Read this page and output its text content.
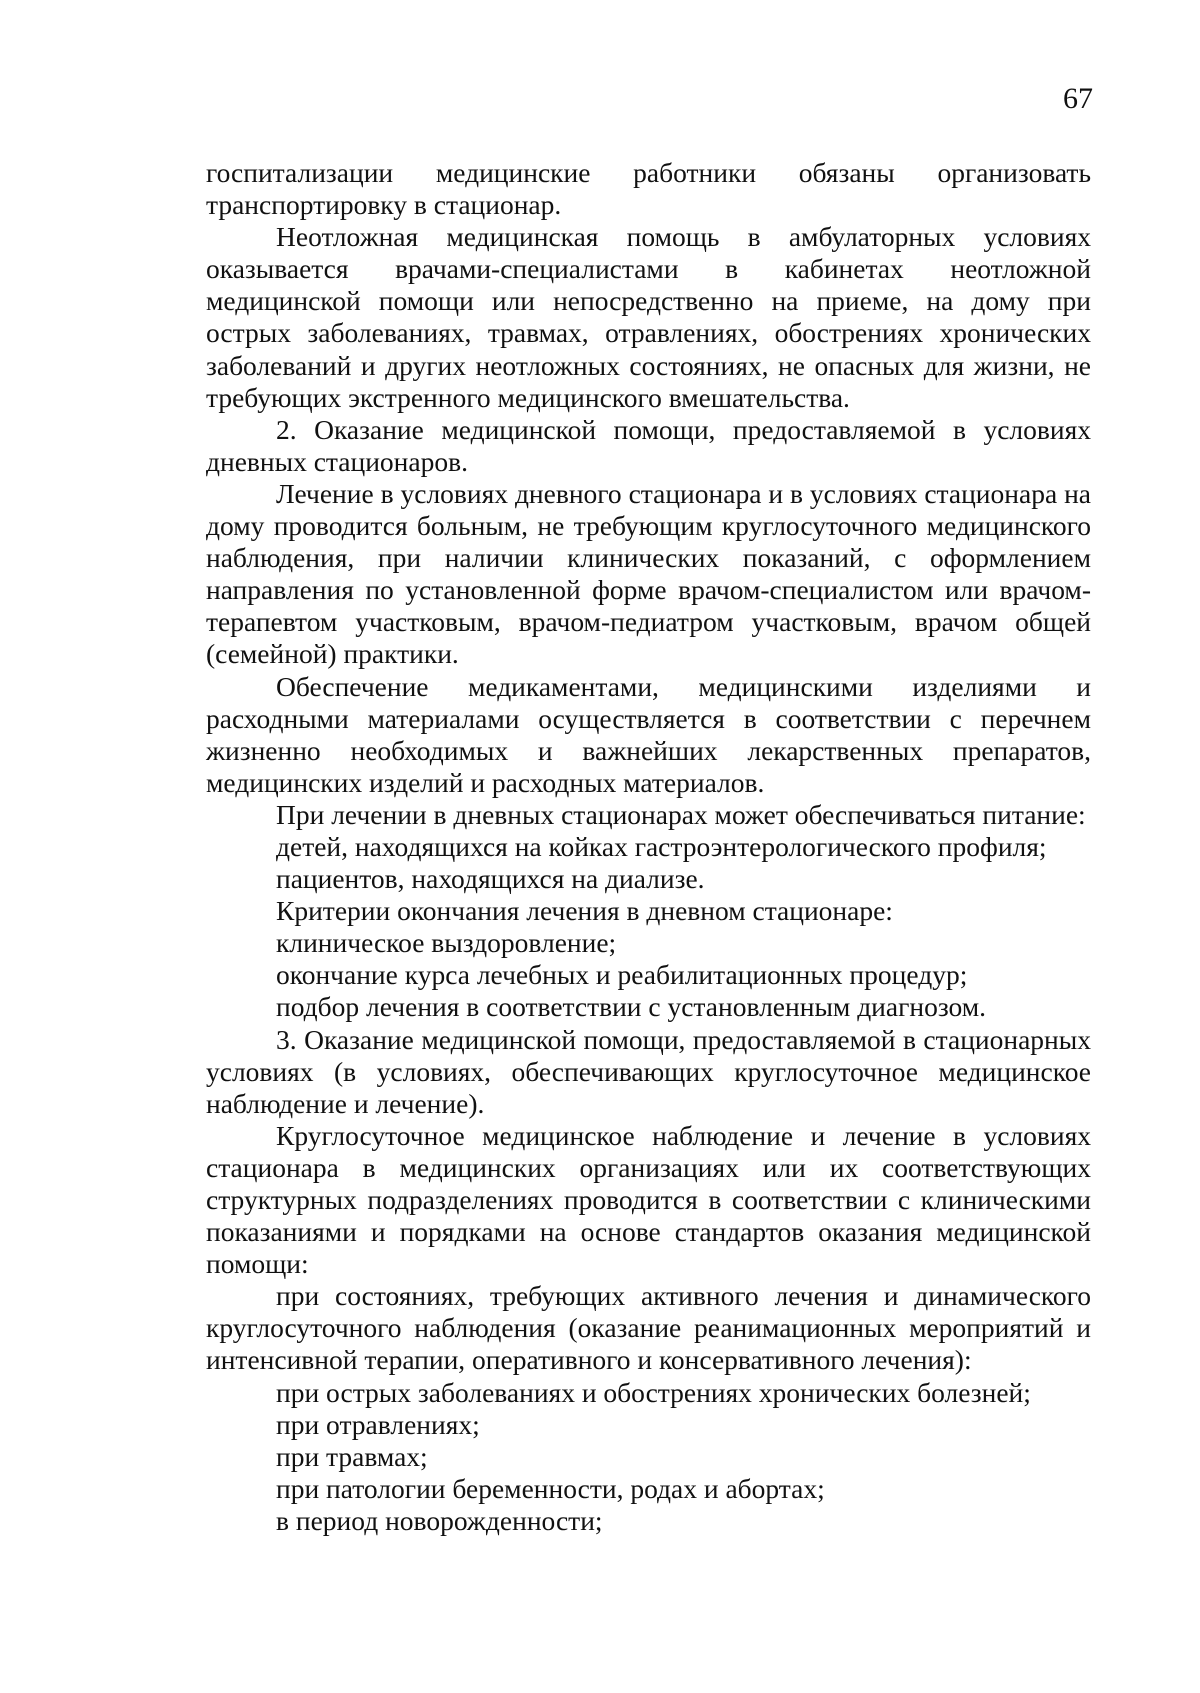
67

госпитализации медицинские работники обязаны организовать транспортировку в стационар.

Неотложная медицинская помощь в амбулаторных условиях оказывается врачами-специалистами в кабинетах неотложной медицинской помощи или непосредственно на приеме, на дому при острых заболеваниях, травмах, отравлениях, обострениях хронических заболеваний и других неотложных состояниях, не опасных для жизни, не требующих экстренного медицинского вмешательства.

2. Оказание медицинской помощи, предоставляемой в условиях дневных стационаров.

Лечение в условиях дневного стационара и в условиях стационара на дому проводится больным, не требующим круглосуточного медицинского наблюдения, при наличии клинических показаний, с оформлением направления по установленной форме врачом-специалистом или врачом-терапевтом участковым, врачом-педиатром участковым, врачом общей (семейной) практики.

Обеспечение медикаментами, медицинскими изделиями и расходными материалами осуществляется в соответствии с перечнем жизненно необходимых и важнейших лекарственных препаратов, медицинских изделий и расходных материалов.

При лечении в дневных стационарах может обеспечиваться питание:

детей, находящихся на койках гастроэнтерологического профиля;

пациентов, находящихся на диализе.

Критерии окончания лечения в дневном стационаре:

клиническое выздоровление;

окончание курса лечебных и реабилитационных процедур;

подбор лечения в соответствии с установленным диагнозом.

3. Оказание медицинской помощи, предоставляемой в стационарных условиях (в условиях, обеспечивающих круглосуточное медицинское наблюдение и лечение).

Круглосуточное медицинское наблюдение и лечение в условиях стационара в медицинских организациях или их соответствующих структурных подразделениях проводится в соответствии с клиническими показаниями и порядками на основе стандартов оказания медицинской помощи:

при состояниях, требующих активного лечения и динамического круглосуточного наблюдения (оказание реанимационных мероприятий и интенсивной терапии, оперативного и консервативного лечения):

при острых заболеваниях и обострениях хронических болезней;

при отравлениях;

при травмах;

при патологии беременности, родах и абортах;

в период новорожденности;
